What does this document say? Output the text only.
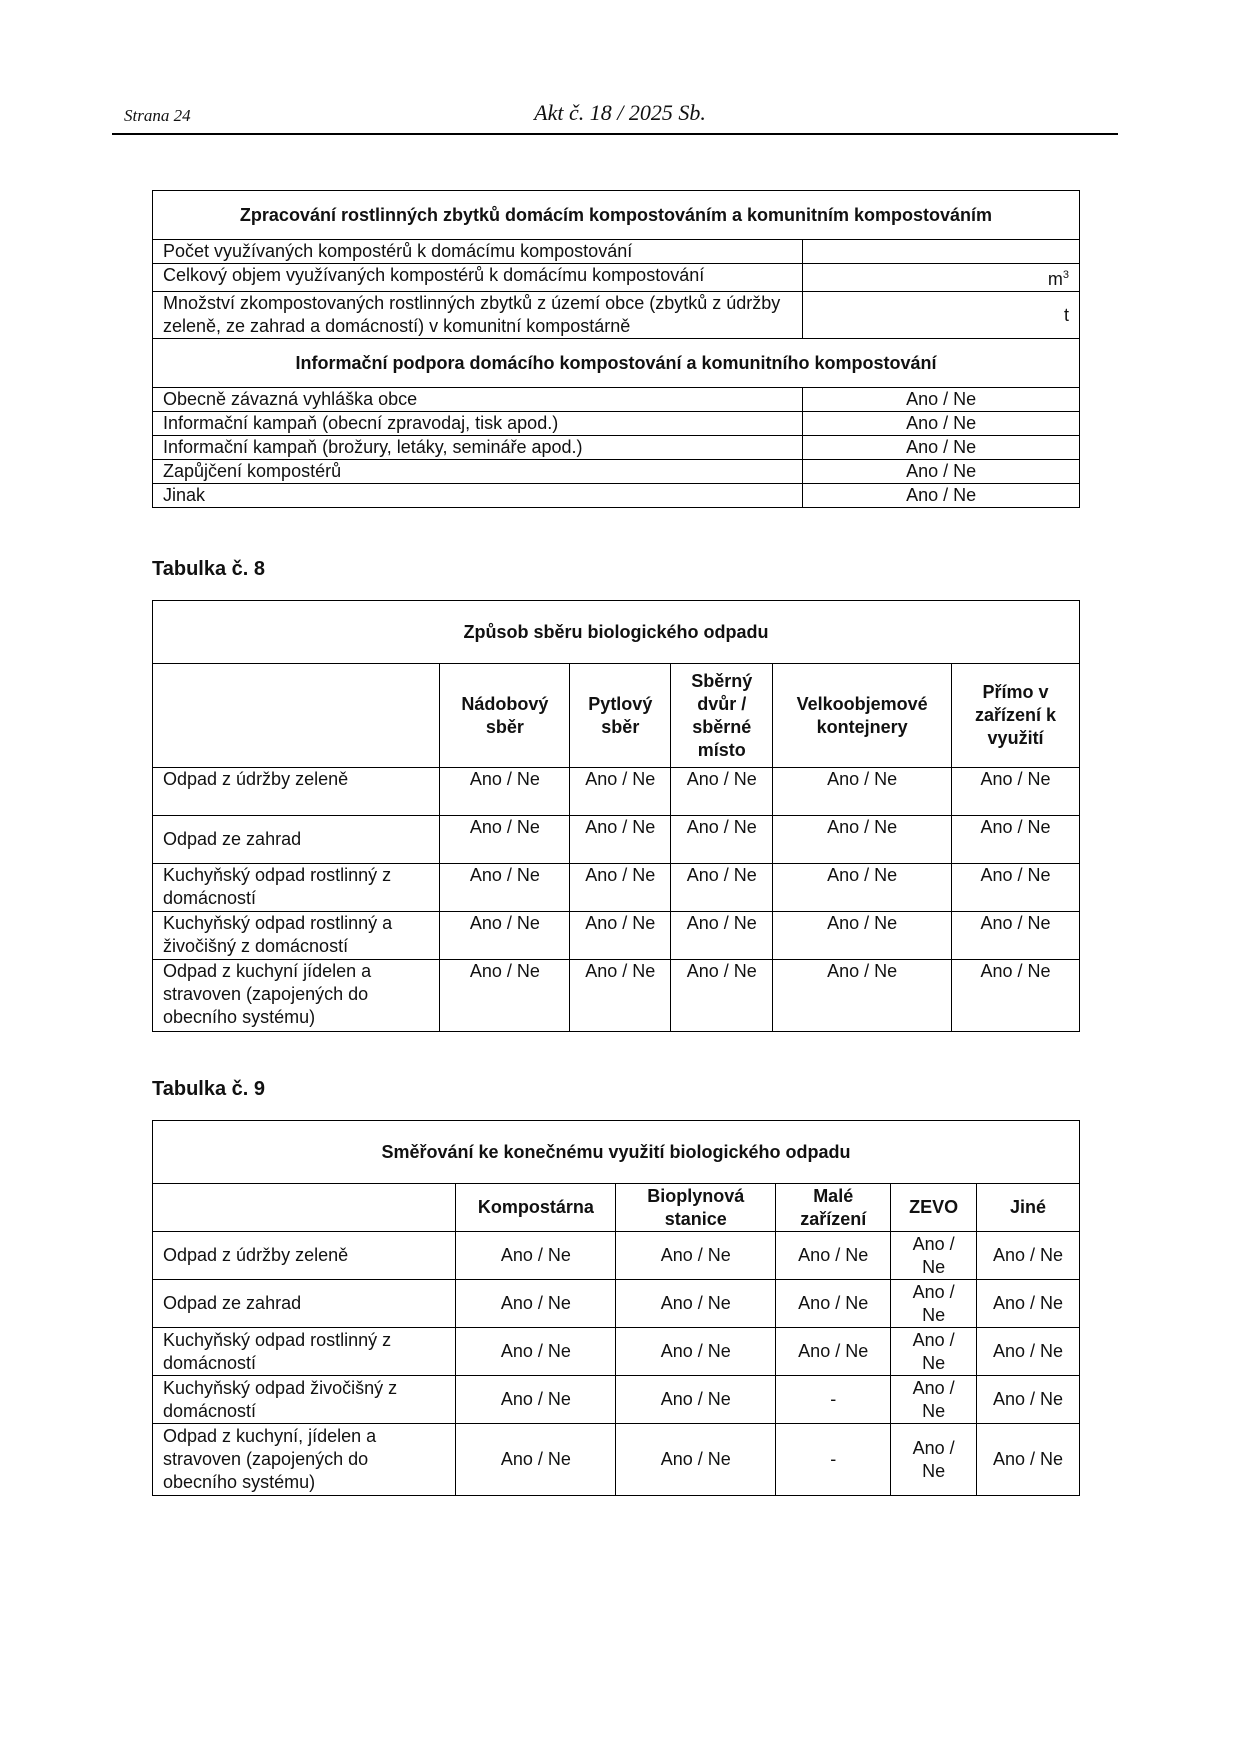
Strana 24	Akt č. 18 / 2025 Sb.
Zpracování rostlinných zbytků domácím kompostováním a komunitním kompostováním	
Počet využívaných kompostérů k domácímu kompostování	
Celkový objem využívaných kompostérů k domácímu kompostování	$m^3$
Množství zkompostovaných rostlinných zbytků z území obce (zbytků z údržby zeleně, ze zahrad a domácností) v komunitní kompostárně	t
Informační podpora domácího kompostování a komunitního kompostování	
Obecně závazná vyhláška obce	Ano / Ne
Informační kampaň (obecní zpravodaj, tisk apod.)	Ano / Ne
Informační kampaň (brožury, letáky, semináře apod.)	Ano / Ne
Zapůjčení kompostérů	Ano / Ne
Jinak	Ano / Ne
Tabulka č. 8
Způsob sběru biologického odpadu					
	Nádobový sběr	Pytlový sběr	Sběrný dvůr / sběrné místo	Velkoobjemové kontejnery	Přímo v zařízení k využití
Odpad z údržby zeleně	Ano / Ne	Ano / Ne	Ano / Ne	Ano / Ne	Ano / Ne
Odpad ze zahrad	Ano / Ne	Ano / Ne	Ano / Ne	Ano / Ne	Ano / Ne
Kuchyňský odpad rostlinný z domácností	Ano / Ne	Ano / Ne	Ano / Ne	Ano / Ne	Ano / Ne
Kuchyňský odpad rostlinný a živočišný z domácností	Ano / Ne	Ano / Ne	Ano / Ne	Ano / Ne	Ano / Ne
Odpad z kuchyní jídelen a stravoven (zapojených do obecního systému)	Ano / Ne	Ano / Ne	Ano / Ne	Ano / Ne	Ano / Ne
Tabulka č. 9
Směřování ke konečnému využití biologického odpadu					
	Kompostárna	Bioplynová stanice	Malé zařízení	ZEVO	Jiné
Odpad z údržby zeleně	Ano / Ne	Ano / Ne	Ano / Ne	Ano / Ne	Ano / Ne
Odpad ze zahrad	Ano / Ne	Ano / Ne	Ano / Ne	Ano / Ne	Ano / Ne
Kuchyňský odpad rostlinný z domácností	Ano / Ne	Ano / Ne	Ano / Ne	Ano / Ne	Ano / Ne
Kuchyňský odpad živočišný z domácností	Ano / Ne	Ano / Ne	-	Ano / Ne	Ano / Ne
Odpad z kuchyní, jídelen a stravoven (zapojených do obecního systému)	Ano / Ne	Ano / Ne	-	Ano / Ne	Ano / Ne
